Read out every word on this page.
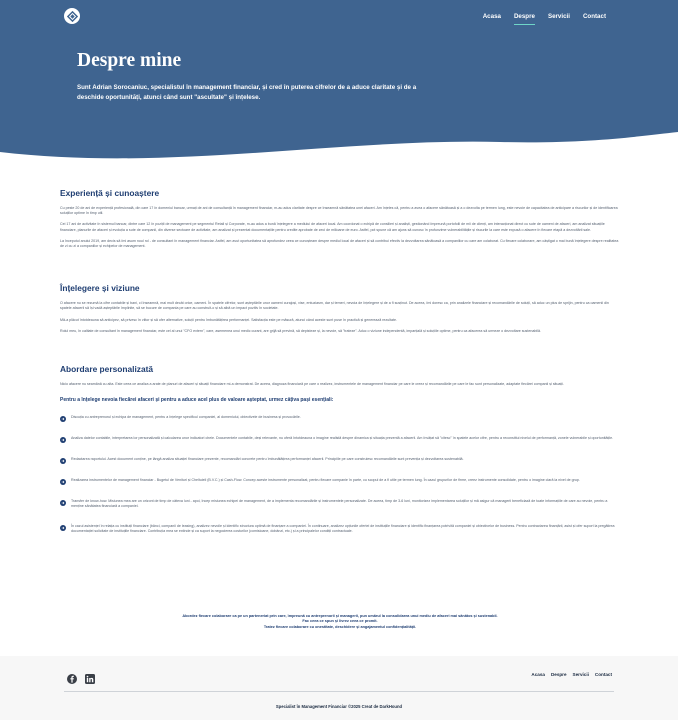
Acasa Despre Servicii Contact
Despre mine

Sunt Adrian Sorocaniuc, specialistul în management financiar, și cred în puterea cifrelor de a aduce claritate și de a deschide oportunități, atunci când sunt "ascultate" și înțelese.

Experiență și cunoaștere

Cu peste 20 de ani de experiență profesională, din care 17 în domeniul bancar, urmați de ani de consultanță în management financiar, m-au adus claritate despre ce înseamnă sănătatea unei afaceri. Am înțeles că, pentru a avea o afacere sănătoasă și a o dezvolta pe termen lung, este nevoie de capacitatea de anticipare a riscurilor și de identificarea soluțiilor optime în timp util.

Cei 17 ani de activitate în sistemul bancar, dintre care 12 în poziții de management pe segmentul Retail și Corporate, m-au adus a bună înțelegere a mediului de afaceri local. Am coordonat o echipă de consilieri și analiști, gestionând împreună portofolii de mii de clienți, am interacționat direct cu sute de oameni de afaceri, am analizat situațiile financiare, planurile de afaceri și evoluția a sute de companii, din diverse sectoare de activitate, am analizat și prezentat documentațiile pentru credite aprobate de zeci de milioane de euro. Astfel, pot spune că am ajuns să cunosc în profunzime vulnerabilitățile și riscurile la care este expusă o afacere în fiecare etapă a dezvoltării sale.

La începutul anului 2019, am decis să îmi asum noul rol - de consultant în management financiar. Astfel, am avut oportunitatea să aprofundez ceea ce cunoșteam despre mediul local de afaceri și să contribui efectiv la dezvoltarea sănătoasă a companiilor cu care am colaborat. Cu fiecare colaborare, am câștigat o mai bună înțelegere despre realitatea de zi cu zi a companiilor și echipelor de management.

Înțelegere și viziune

O afacere nu se rezumă la cifre contabile și bani, ci înseamnă, mai mult decât orice, oameni. În spatele cifrelor, sunt așteptările unor oameni curajoși, vise, entuziasm, dar și temeri, nevoia de înțelegere și de a fi susținut. De aceea, îmi doresc ca, prin analizele financiare și recomandările de soluții, să aduc un plus de sprijin, pentru ca oamenii din spatele afacerii să își vadă așteptările împlinite, să se bucure de compania pe care au construit-o și să aibă un impact pozitiv în societate.

Mă-a plăcut întotdeauna să anticipez, să privesc în viitor și să ofer alternative, soluții pentru îmbunătățirea performanței. Satisfacția este pe măsură, atunci când aceste sunt puse în practică și generează rezultate.

Rolul meu, în calitate de consultant în management financiar, este cel al unui "CFO extern", care, asemenea unui medic curant, are grijă să prevină, să depisteze și, la nevoie, să "trateze". Aduc o viziune independentă, imparțială și soluțiile optime, pentru ca afacerea să urmeze o dezvoltare sustenabilă.

Abordare personalizată

Nicio afacere nu seamănă cu alta. Este ceea ce analiza a arate de planuri de afaceri și situații financiare mi-a demonstrat. De aceea, diagnoza financiară pe care o realizez, instrumentele de management financiar pe care le creez și recomandările pe care le fac sunt personalizate, adaptate fiecărei companii și situații.

Pentru a înțelege nevoia fiecărei afaceri și pentru a aduce acel plus de valoare așteptat, urmez câțiva pași esențiali:
Discuția cu antreprenorul și echipa de management, pentru a înțelege specificul companiei, al domeniului, obiectivele de business și provocările.
Analiza datelor contabile, interpretarea lor personalizată și calcularea unor indicatori cheie. Documentele contabile, deși relevante, nu oferă întotdeauna o imagine realistă despre dinamica și situația prezentă a afacerii. Am învățat să "citesc" în spatele acelor cifre, pentru a reconstitui nivelul de performanță, zonele vulnerabile și oportunitățile.
Redactarea raportului. Acest document conține, pe lângă analiza situației financiare prezente, recomandări concrete pentru îmbunătățirea performanței afacerii. Principiile pe care construiesc recomandările sunt prevenția și dezvoltarea sustenabilă.
Realizarea instrumentelor de management financiar - Bugetul de Venituri și Cheltuieli (B.V.C.) și Cash-Flow. Concep aceste instrumente personalizat, pentru fiecare companie în parte, cu scopul de a fi utile pe termen lung. În cazul grupurilor de firme, creez instrumente consolidate, pentru o imagine clară la nivel de grup.
Transfer de know-how. Misiunea mea are un orizont de timp de câteva luni - apoi, încep misiunea echipei de management, de a implementa recomandările și instrumentele personalizate. De aceea, timp de 3-6 luni, monitorizez implementarea soluțiilor și mă asigur că managerii beneficiază de toate informațiile de care au nevoie, pentru a menține sănătatea financiară a companiei.
În cazul asistenței în relația cu instituții financiare (bănci, companii de leasing), analizez nevoile și identific structura optimă de finanțare a companiei. În continuare, analizez opțiunile ofertei de instituțiile financiare și identific finanțarea potrivită companiei și obiectivelor de business. Pentru contractarea finanțării, asist și ofer suport la pregătirea documentației solicitate de instituțiile financiare. Contribuția mea se extinde și ca suport la negocierea costurilor (comisioane, dobânzi, etc.) și a principalelor condiții contractuale.
Abordez fiecare colaborare ca pe un parteneriat prin care, împreună cu antreprenorii și managerii, pun umărul la consolidarea unui mediu de afaceri mai sănătos și sustenabil.
Fac ceea ce spun și livrez ceea ce promit.
Tratez fiecare colaborare cu onestitate, deschidere și angajamentul confidențialității.
Acasa Despre Servicii Contact
Specialist în Management Financiar ©2025 Creat de DarkHound
